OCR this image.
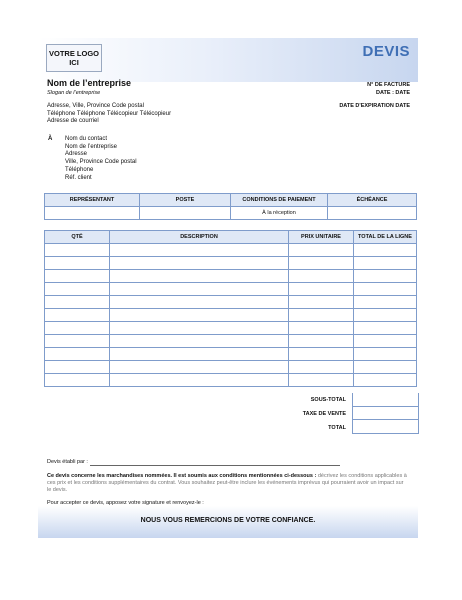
VOTRE LOGO
ICI
DEVIS
Nom de l’entreprise
Slogan de l’entreprise
N° DE FACTURE
DATE : DATE
DATE D'EXPIRATION DATE
Adresse, Ville, Province Code postal
Téléphone Téléphone Télécopieur Télécopieur
Adresse de courriel
À Nom du contact
Nom de l’entreprise
Adresse
Ville, Province Code postal
Téléphone
Réf. client
REPRÉSENTANT	POSTE	CONDITIONS DE PAIEMENT	ÉCHÉANCE
		À la réception	
QTÉ	DESCRIPTION	PRIX UNITAIRE	TOTAL DE LA LIGNE

SOUS-TOTAL
TAXE DE VENTE
TOTAL
Devis établi par :
Ce devis concerne les marchandises nommées. Il est soumis aux conditions mentionnées ci-dessous : décrivez les conditions applicables à ces prix et les conditions supplémentaires du contrat. Vous souhaitez peut-être inclure les événements imprévus qui pourraient avoir un impact sur le devis.
Pour accepter ce devis, apposez votre signature et renvoyez-le :
NOUS VOUS REMERCIONS DE VOTRE CONFIANCE.
